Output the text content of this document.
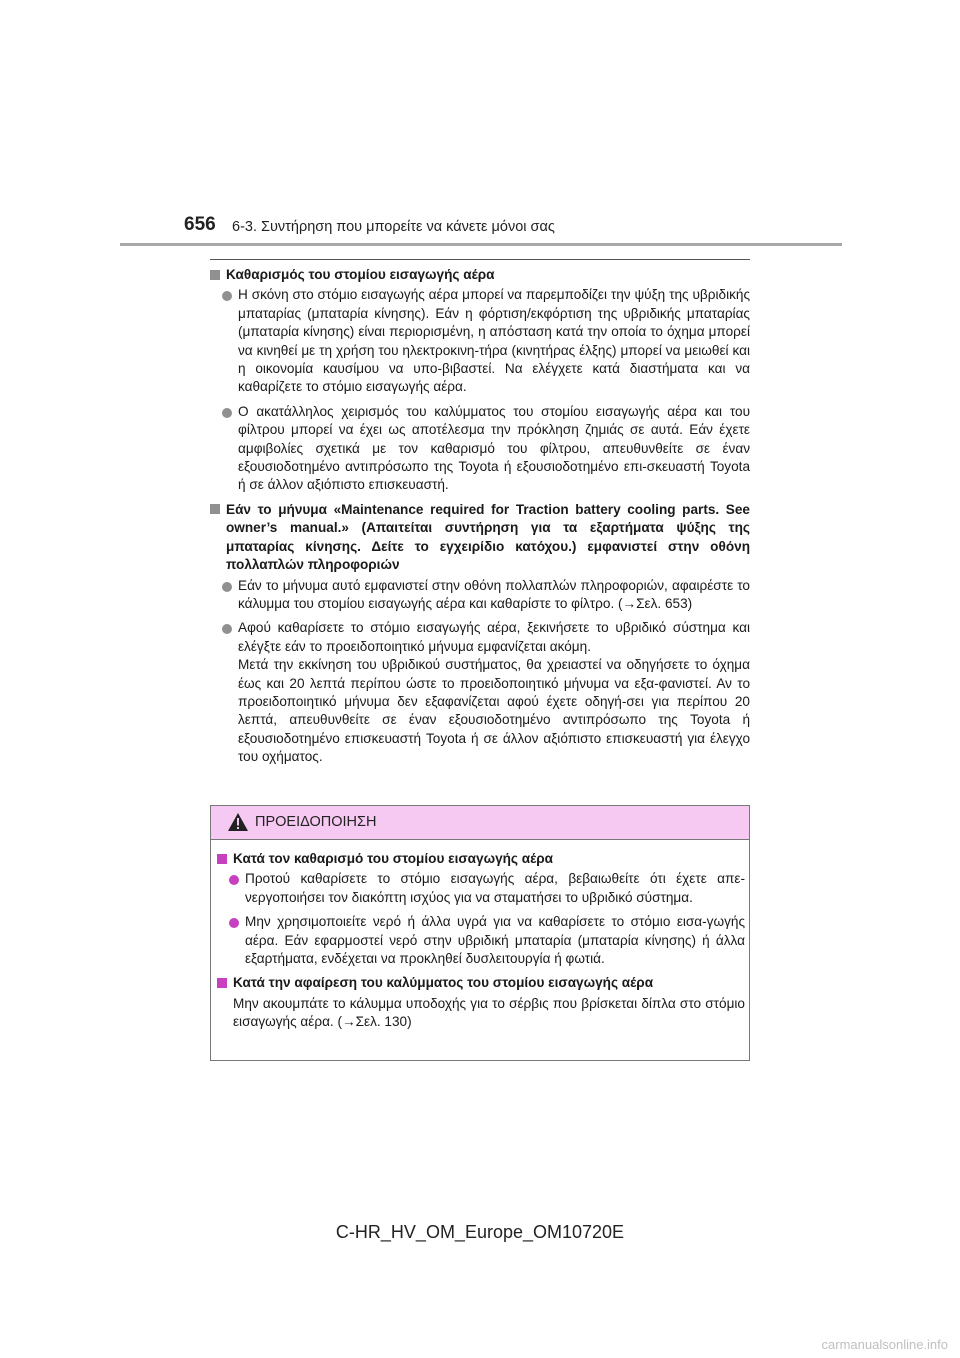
656 6-3. Συντήρηση που μπορείτε να κάνετε μόνοι σας
Καθαρισμός του στομίου εισαγωγής αέρα
Η σκόνη στο στόμιο εισαγωγής αέρα μπορεί να παρεμποδίζει την ψύξη της υβριδικής μπαταρίας (μπαταρία κίνησης). Εάν η φόρτιση/εκφόρτιση της υβριδικής μπαταρίας (μπαταρία κίνησης) είναι περιορισμένη, η απόσταση κατά την οποία το όχημα μπορεί να κινηθεί με τη χρήση του ηλεκτροκινη-τήρα (κινητήρας έλξης) μπορεί να μειωθεί και η οικονομία καυσίμου να υπο-βιβαστεί. Να ελέγχετε κατά διαστήματα και να καθαρίζετε το στόμιο εισαγωγής αέρα.
Ο ακατάλληλος χειρισμός του καλύμματος του στομίου εισαγωγής αέρα και του φίλτρου μπορεί να έχει ως αποτέλεσμα την πρόκληση ζημιάς σε αυτά. Εάν έχετε αμφιβολίες σχετικά με τον καθαρισμό του φίλτρου, απευθυνθείτε σε έναν εξουσιοδοτημένο αντιπρόσωπο της Toyota ή εξουσιοδοτημένο επι-σκευαστή Toyota ή σε άλλον αξιόπιστο επισκευαστή.
Εάν το μήνυμα «Maintenance required for Traction battery cooling parts. See owner’s manual.» (Απαιτείται συντήρηση για τα εξαρτήματα ψύξης της μπαταρίας κίνησης. Δείτε το εγχειρίδιο κατόχου.) εμφανιστεί στην οθόνη πολλαπλών πληροφοριών
Εάν το μήνυμα αυτό εμφανιστεί στην οθόνη πολλαπλών πληροφοριών, αφαιρέστε το κάλυμμα του στομίου εισαγωγής αέρα και καθαρίστε το φίλτρο. (→Σελ. 653)
Αφού καθαρίσετε το στόμιο εισαγωγής αέρα, ξεκινήσετε το υβριδικό σύστημα και ελέγξτε εάν το προειδοποιητικό μήνυμα εμφανίζεται ακόμη.
Μετά την εκκίνηση του υβριδικού συστήματος, θα χρειαστεί να οδηγήσετε το όχημα έως και 20 λεπτά περίπου ώστε το προειδοποιητικό μήνυμα να εξα-φανιστεί. Αν το προειδοποιητικό μήνυμα δεν εξαφανίζεται αφού έχετε οδηγή-σει για περίπου 20 λεπτά, απευθυνθείτε σε έναν εξουσιοδοτημένο αντιπρόσωπο της Toyota ή εξουσιοδοτημένο επισκευαστή Toyota ή σε άλλον αξιόπιστο επισκευαστή για έλεγχο του οχήματος.
ΠΡΟΕΙΔΟΠΟΙΗΣΗ
Κατά τον καθαρισμό του στομίου εισαγωγής αέρα
Προτού καθαρίσετε το στόμιο εισαγωγής αέρα, βεβαιωθείτε ότι έχετε απε-νεργοποιήσει τον διακόπτη ισχύος για να σταματήσει το υβριδικό σύστημα.
Μην χρησιμοποιείτε νερό ή άλλα υγρά για να καθαρίσετε το στόμιο εισα-γωγής αέρα. Εάν εφαρμοστεί νερό στην υβριδική μπαταρία (μπαταρία κίνησης) ή άλλα εξαρτήματα, ενδέχεται να προκληθεί δυσλειτουργία ή φωτιά.
Κατά την αφαίρεση του καλύμματος του στομίου εισαγωγής αέρα
Μην ακουμπάτε το κάλυμμα υποδοχής για το σέρβις που βρίσκεται δίπλα στο στόμιο εισαγωγής αέρα. (→Σελ. 130)
C-HR_HV_OM_Europe_OM10720E
carmanualsonline.info
